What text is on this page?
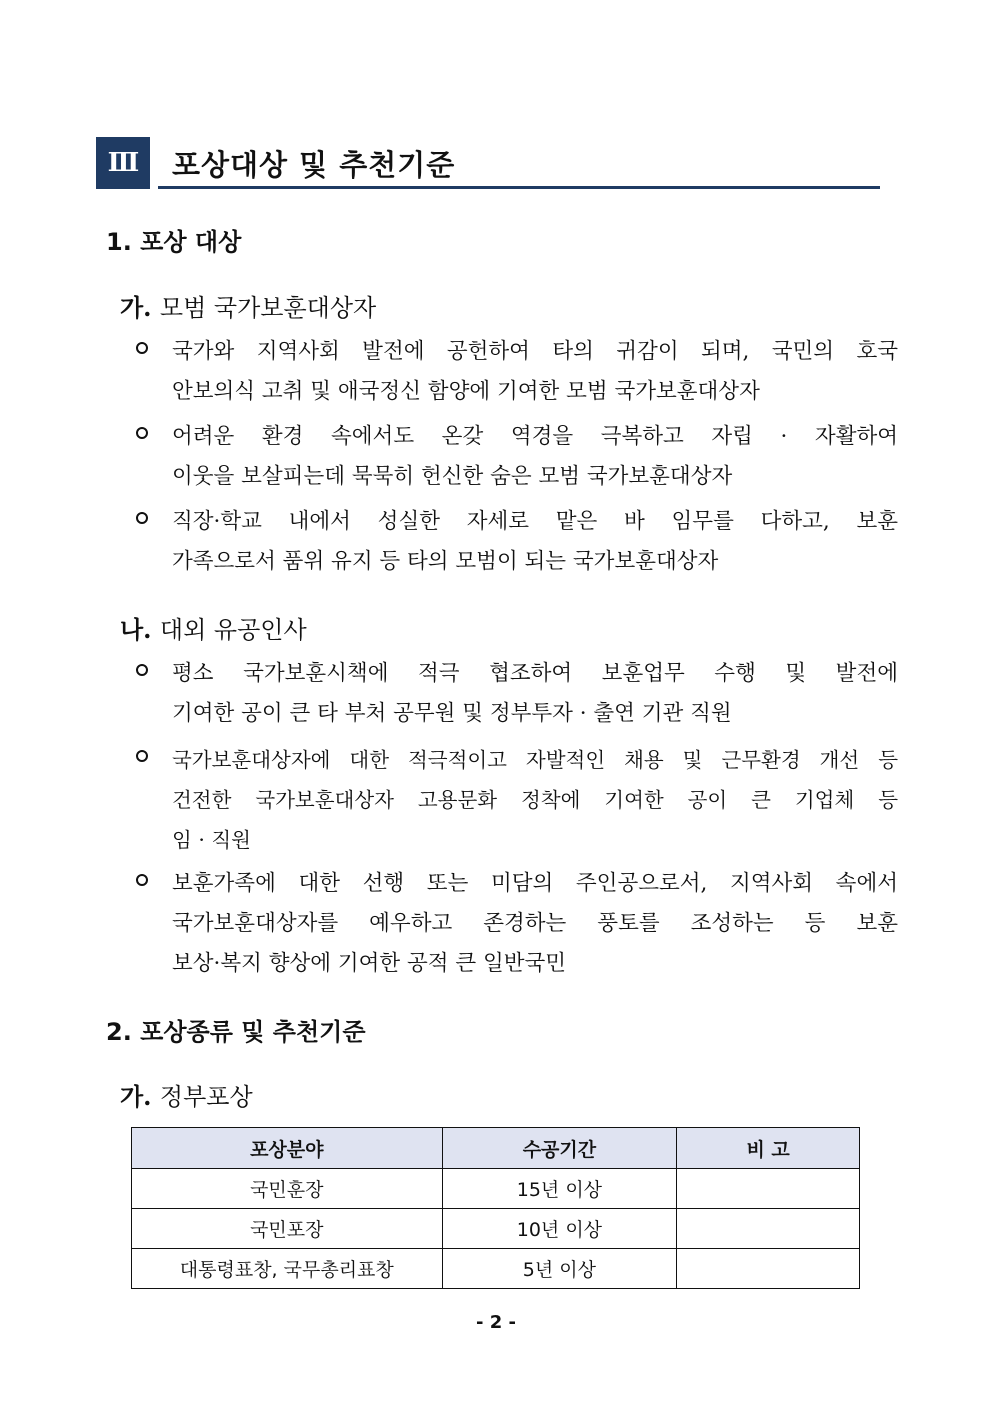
Ⅲ	포상대상 및 추천기준
1. 포상 대상
가. 모범 국가보훈대상자
국가와 지역사회 발전에 공헌하여 타의 귀감이 되며, 국민의 호국
안보의식 고취 및 애국정신 함양에 기여한 모범 국가보훈대상자
어려운 환경 속에서도 온갖 역경을 극복하고 자립 · 자활하여
이웃을 보살피는데 묵묵히 헌신한 숨은 모범 국가보훈대상자
직장·학교 내에서 성실한 자세로 맡은 바 임무를 다하고, 보훈
가족으로서 품위 유지 등 타의 모범이 되는 국가보훈대상자
나. 대외 유공인사
평소 국가보훈시책에 적극 협조하여 보훈업무 수행 및 발전에
기여한 공이 큰 타 부처 공무원 및 정부투자 · 출연 기관 직원
국가보훈대상자에 대한 적극적이고 자발적인 채용 및 근무환경 개선 등
건전한 국가보훈대상자 고용문화 정착에 기여한 공이 큰 기업체 등
임 · 직원
보훈가족에 대한 선행 또는 미담의 주인공으로서, 지역사회 속에서
국가보훈대상자를 예우하고 존경하는 풍토를 조성하는 등 보훈
보상·복지 향상에 기여한 공적 큰 일반국민
2. 포상종류 및 추천기준
가. 정부포상
포상분야	수공기간	비 고
국민훈장	15년 이상	
국민포장	10년 이상	
대통령표창, 국무총리표창	5년 이상	
- 2 -
